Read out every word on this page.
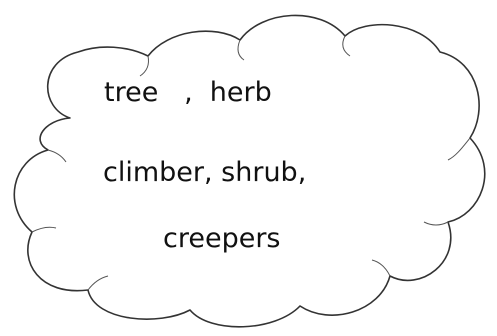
tree   ,  herb
climber, shrub,
creepers
